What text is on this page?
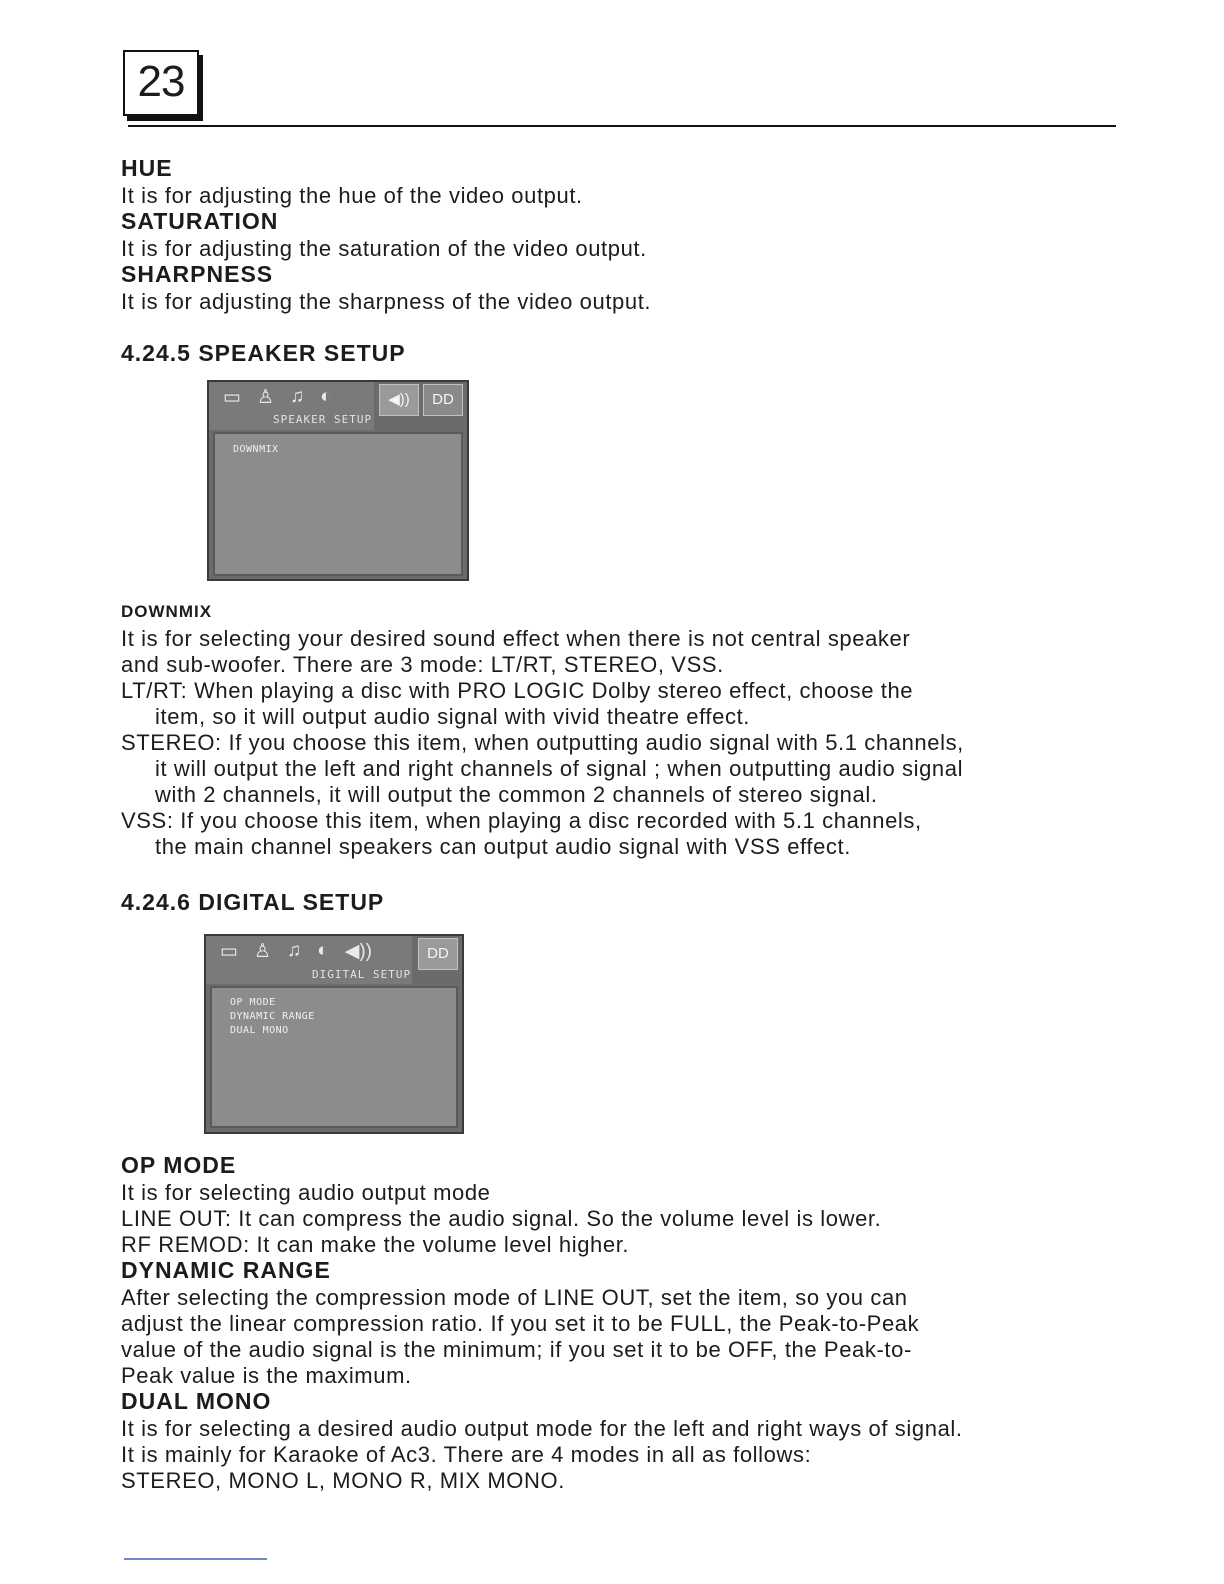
23
HUE
It is for adjusting the hue of the video output.
SATURATION
It is for adjusting the saturation of the video output.
SHARPNESS
It is for adjusting the sharpness of the video output.
4.24.5 SPEAKER SETUP
▭ ♙ ♫ ◐	◀))	DD
SPEAKER SETUP
DOWNMIX
DOWNMIX

It is for selecting your desired sound effect when there is not central speaker

and sub-woofer. There are 3 mode: LT/RT, STEREO, VSS.

LT/RT: When playing a disc with PRO LOGIC Dolby stereo effect, choose the

item, so it will output audio signal with vivid theatre effect.

STEREO: If you choose this item, when outputting audio signal with 5.1 channels,

it will output the left and right channels of signal ; when outputting audio signal

with 2 channels, it will output the common 2 channels of stereo signal.

VSS: If you choose this item, when playing a disc recorded with 5.1 channels,

the main channel speakers can output audio signal with VSS effect.

4.24.6 DIGITAL SETUP
▭ ♙ ♫ ◐ ◀))	DD
DIGITAL SETUP
OP MODE
DYNAMIC RANGE
DUAL MONO
OP MODE

It is for selecting audio output mode

LINE OUT: It can compress the audio signal. So the volume level is lower.

RF REMOD: It can make the volume level higher.

DYNAMIC RANGE

After selecting the compression mode of LINE OUT, set the item, so you can

adjust the linear compression ratio. If you set it to be FULL, the Peak-to-Peak

value of the audio signal is the minimum; if you set it to be OFF, the Peak-to-

Peak value is the maximum.

DUAL MONO

It is for selecting a desired audio output mode for the left and right ways of signal.

It is mainly for Karaoke of Ac3. There are 4 modes in all as follows:

STEREO, MONO L, MONO R, MIX MONO.
